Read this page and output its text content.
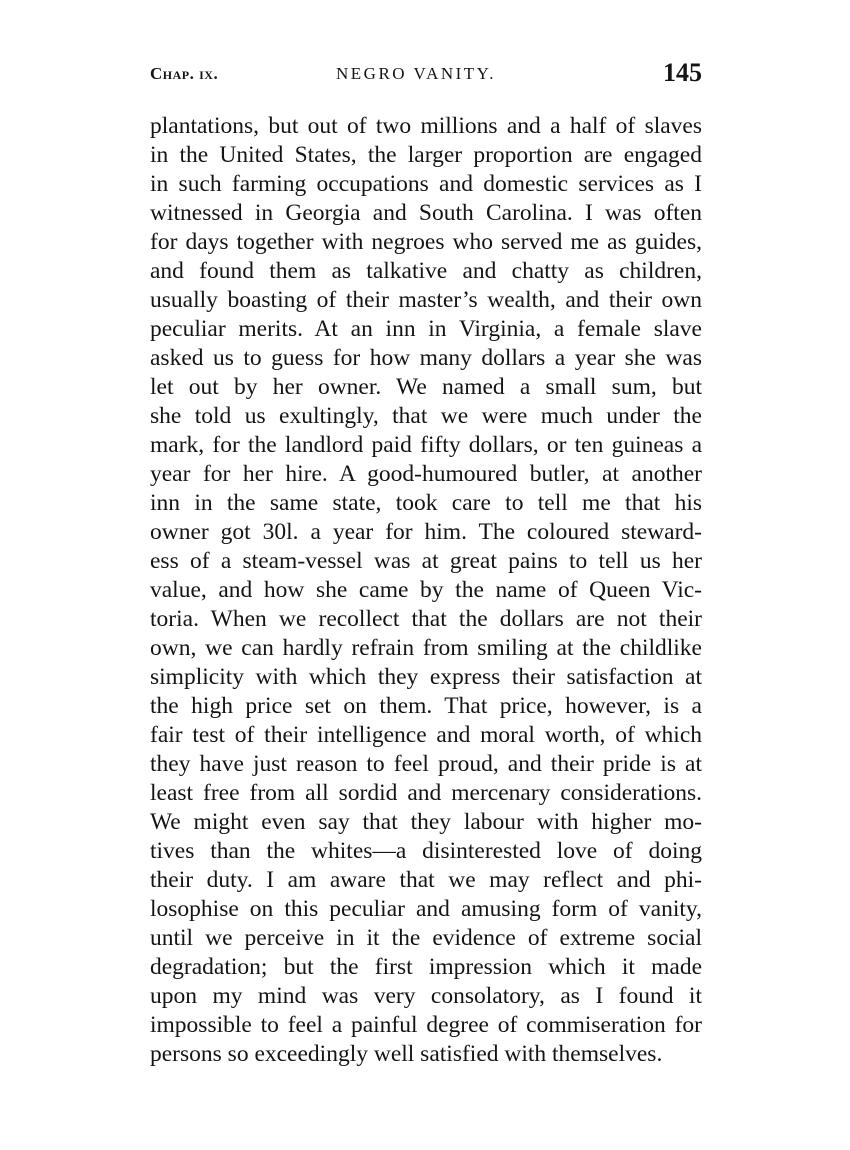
Chap. ix.	NEGRO VANITY.	145
plantations, but out of two millions and a half of slaves
in the United States, the larger proportion are engaged
in such farming occupations and domestic services as I
witnessed in Georgia and South Carolina. I was often
for days together with negroes who served me as guides,
and found them as talkative and chatty as children,
usually boasting of their master’s wealth, and their own
peculiar merits. At an inn in Virginia, a female slave
asked us to guess for how many dollars a year she was
let out by her owner. We named a small sum, but
she told us exultingly, that we were much under the
mark, for the landlord paid fifty dollars, or ten guineas a
year for her hire. A good-humoured butler, at another
inn in the same state, took care to tell me that his
owner got 30l. a year for him. The coloured steward-
ess of a steam-vessel was at great pains to tell us her
value, and how she came by the name of Queen Vic-
toria. When we recollect that the dollars are not their
own, we can hardly refrain from smiling at the childlike
simplicity with which they express their satisfaction at
the high price set on them. That price, however, is a
fair test of their intelligence and moral worth, of which
they have just reason to feel proud, and their pride is at
least free from all sordid and mercenary considerations.
We might even say that they labour with higher mo-
tives than the whites—a disinterested love of doing
their duty. I am aware that we may reflect and phi-
losophise on this peculiar and amusing form of vanity,
until we perceive in it the evidence of extreme social
degradation; but the first impression which it made
upon my mind was very consolatory, as I found it
impossible to feel a painful degree of commiseration for
persons so exceedingly well satisfied with themselves.
